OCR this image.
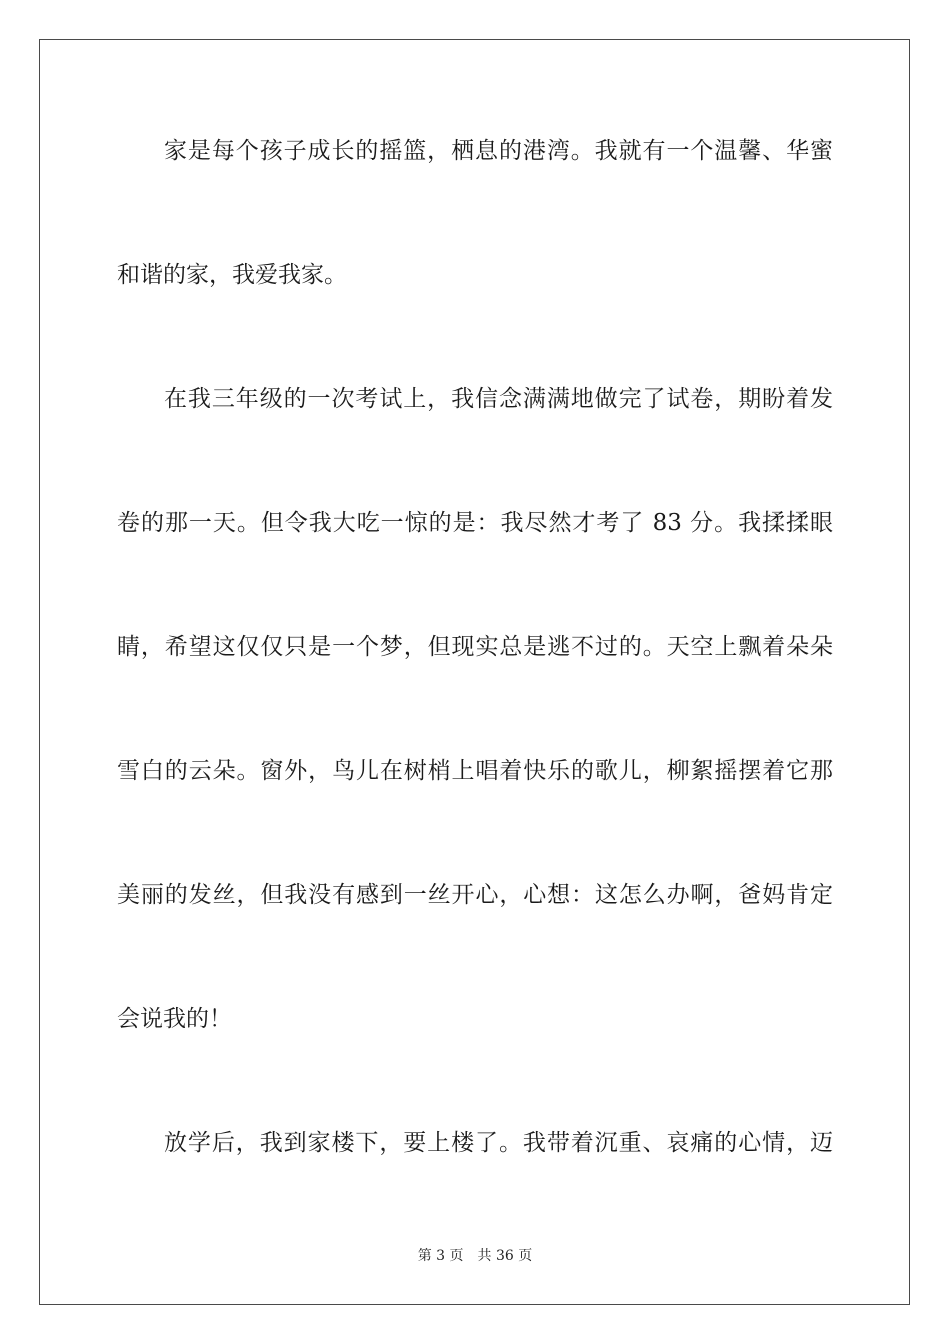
家是每个孩子成长的摇篮，栖息的港湾。我就有一个温馨、华蜜
和谐的家，我爱我家。
在我三年级的一次考试上，我信念满满地做完了试卷，期盼着发
卷的那一天。但令我大吃一惊的是：我尽然才考了 83 分。我揉揉眼
睛，希望这仅仅只是一个梦，但现实总是逃不过的。天空上飘着朵朵
雪白的云朵。窗外，鸟儿在树梢上唱着快乐的歌儿，柳絮摇摆着它那
美丽的发丝，但我没有感到一丝开心，心想：这怎么办啊，爸妈肯定
会说我的！
放学后，我到家楼下，要上楼了。我带着沉重、哀痛的心情，迈
第 3 页 共 36 页
